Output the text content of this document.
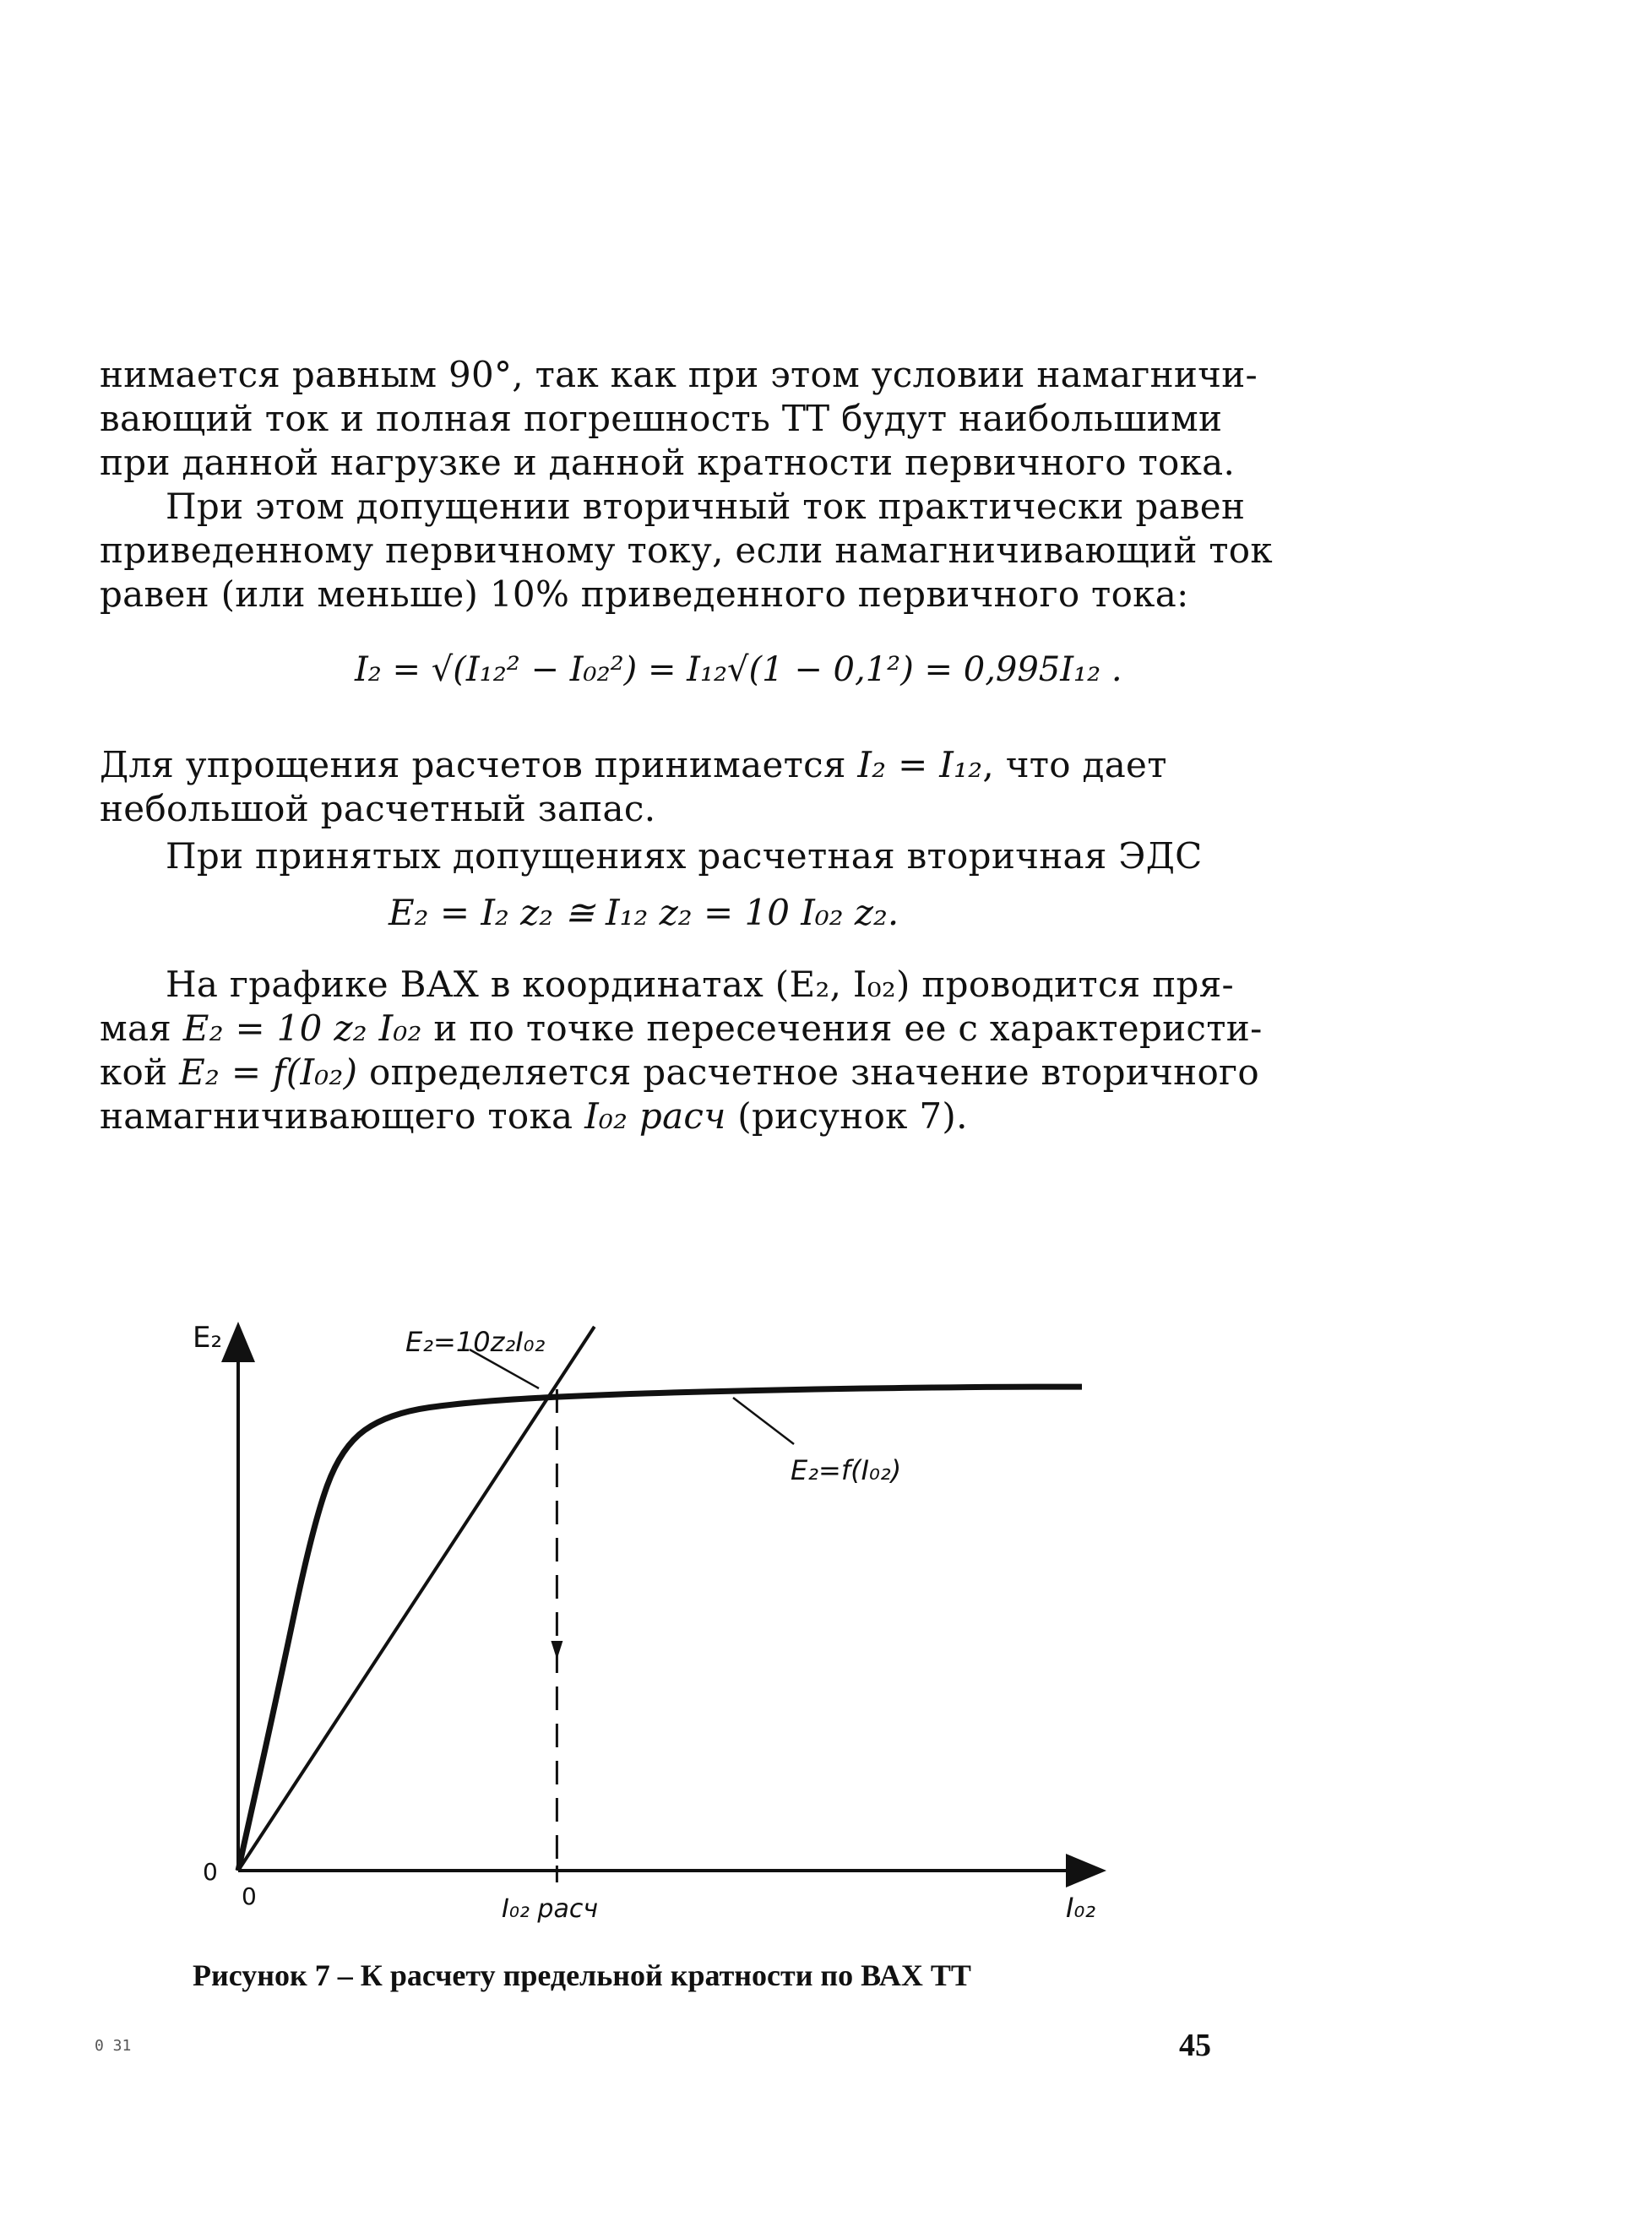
нимается равным 90°, так как при этом условии намагничи-
вающий ток и полная погрешность ТТ будут наибольшими
при данной нагрузке и данной кратности первичного тока.
При этом допущении вторичный ток практически равен
приведенному первичному току, если намагничивающий ток
равен (или меньше) 10% приведенного первичного тока:
I₂ = √(I₁₂² − I₀₂²) = I₁₂√(1 − 0,1²) = 0,995I₁₂ .
Для упрощения расчетов принимается I₂ = I₁₂, что дает
небольшой расчетный запас.
При принятых допущениях расчетная вторичная ЭДС
E₂ = I₂ z₂ ≅ I₁₂ z₂ = 10 I₀₂ z₂.
На графике ВАХ в координатах (E₂, I₀₂) проводится пря-
мая E₂ = 10 z₂ I₀₂ и по точке пересечения ее с характеристи-
кой E₂ = f(I₀₂) определяется расчетное значение вторичного
намагничивающего тока I₀₂ расч (рисунок 7).
E₂
0
0
E₂=10z₂I₀₂
E₂=f(I₀₂)
I₀₂ расч	I₀₂
Рисунок 7 – К расчету предельной кратности по ВАХ ТТ
0 31	45
